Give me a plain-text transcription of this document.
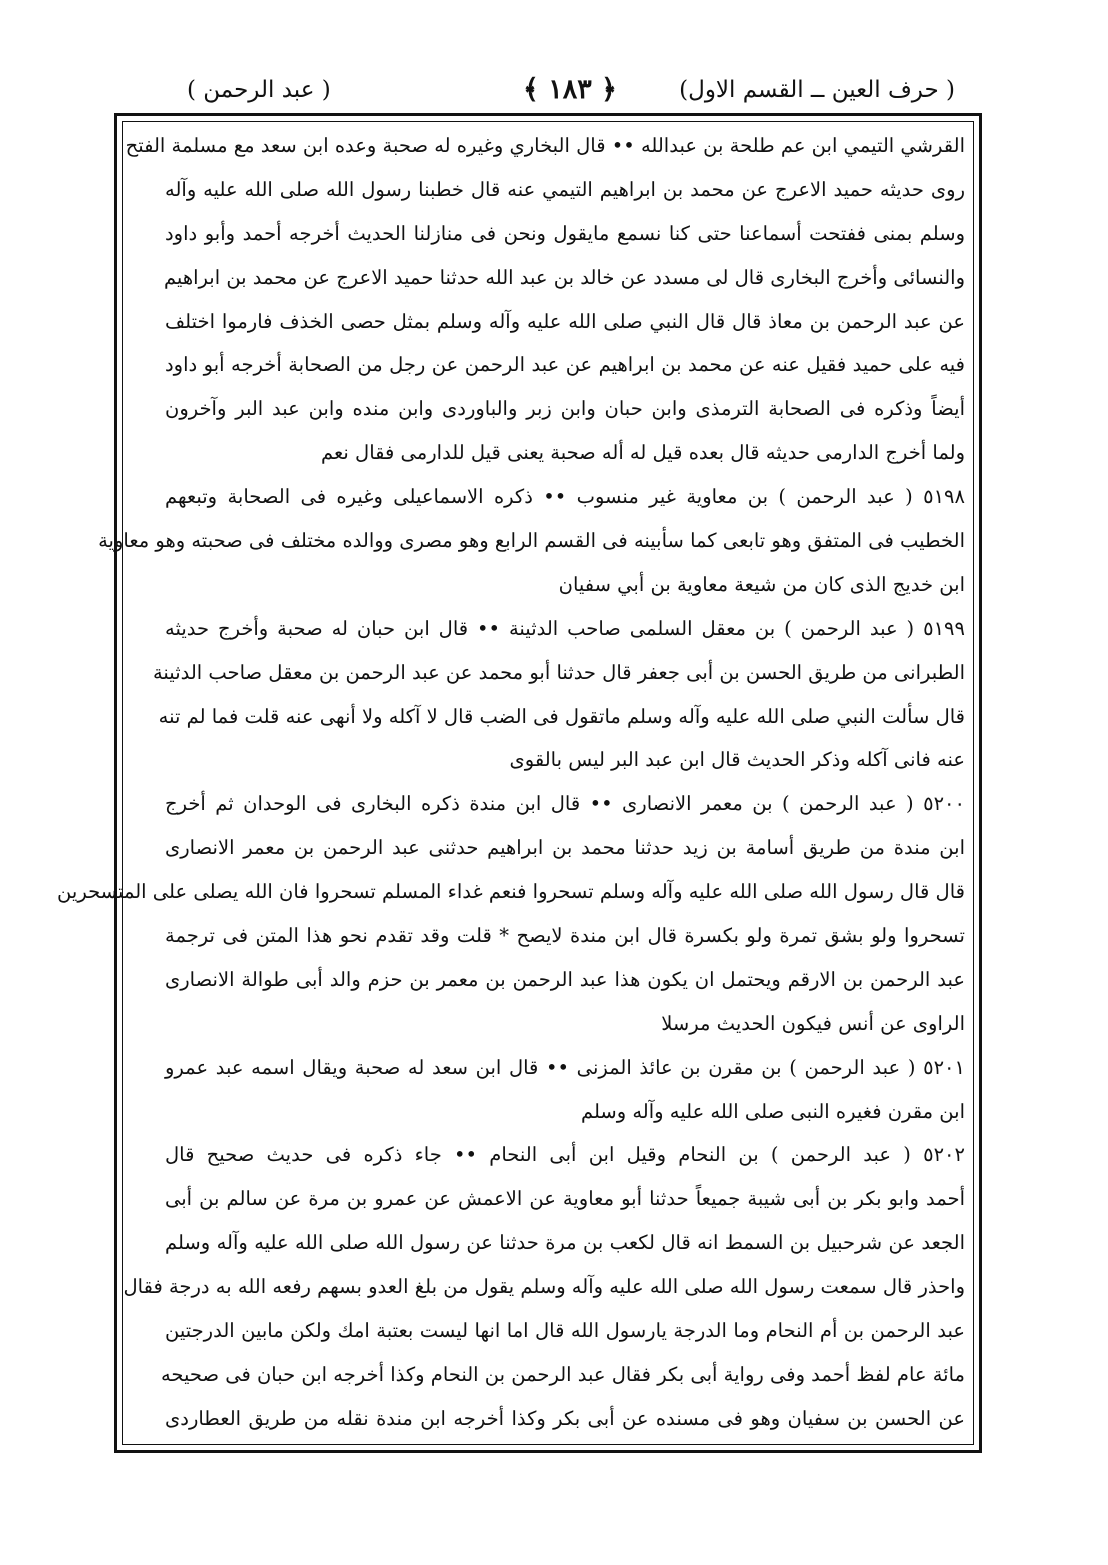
( حرف العين ــ القسم الاول)
﴿ ۱۸۳ ﴾
( عبد الرحمن )
القرشي التيمي ابن عم طلحة بن عبدالله •• قال البخاري وغيره له صحبة وعده ابن سعد مع مسلمة الفتح
روى حديثه حميد الاعرج عن محمد بن ابراهيم التيمي عنه قال خطبنا رسول الله صلى الله عليه وآله
وسلم بمنى ففتحت أسماعنا حتى كنا نسمع مايقول ونحن فى منازلنا الحديث أخرجه أحمد وأبو داود
والنسائى وأخرج البخارى قال لى مسدد عن خالد بن عبد الله حدثنا حميد الاعرج عن محمد بن ابراهيم
عن عبد الرحمن بن معاذ قال قال النبي صلى الله عليه وآله وسلم بمثل حصى الخذف فارموا اختلف
فيه على حميد فقيل عنه عن محمد بن ابراهيم عن عبد الرحمن عن رجل من الصحابة أخرجه أبو داود
أيضاً وذكره فى الصحابة الترمذى وابن حبان وابن زبر والباوردى وابن منده وابن عبد البر وآخرون
ولما أخرج الدارمى حديثه قال بعده قيل له أله صحبة يعنى قيل للدارمى فقال نعم
٥١٩٨ ( عبد الرحمن ) بن معاوية غير منسوب •• ذكره الاسماعيلى وغيره فى الصحابة وتبعهم
الخطيب فى المتفق وهو تابعى كما سأبينه فى القسم الرابع وهو مصرى ووالده مختلف فى صحبته وهو معاوية
ابن خديج الذى كان من شيعة معاوية بن أبي سفيان
٥١٩٩ ( عبد الرحمن ) بن معقل السلمى صاحب الدثينة •• قال ابن حبان له صحبة وأخرج حديثه
الطبرانى من طريق الحسن بن أبى جعفر قال حدثنا أبو محمد عن عبد الرحمن بن معقل صاحب الدثينة
قال سألت النبي صلى الله عليه وآله وسلم ماتقول فى الضب قال لا آكله ولا أنهى عنه قلت فما لم تنه
عنه فانى آكله وذكر الحديث قال ابن عبد البر ليس بالقوى
٥٢٠٠ ( عبد الرحمن ) بن معمر الانصارى •• قال ابن مندة ذكره البخارى فى الوحدان ثم أخرج
ابن مندة من طريق أسامة بن زيد حدثنا محمد بن ابراهيم حدثنى عبد الرحمن بن معمر الانصارى
قال قال رسول الله صلى الله عليه وآله وسلم تسحروا فنعم غداء المسلم تسحروا فان الله يصلى على المتسحرين
تسحروا ولو بشق تمرة ولو بكسرة قال ابن مندة لايصح * قلت وقد تقدم نحو هذا المتن فى ترجمة
عبد الرحمن بن الارقم ويحتمل ان يكون هذا عبد الرحمن بن معمر بن حزم والد أبى طوالة الانصارى
الراوى عن أنس فيكون الحديث مرسلا
٥٢٠١ ( عبد الرحمن ) بن مقرن بن عائذ المزنى •• قال ابن سعد له صحبة ويقال اسمه عبد عمرو
ابن مقرن فغيره النبى صلى الله عليه وآله وسلم
٥٢٠٢ ( عبد الرحمن ) بن النحام وقيل ابن أبى النحام •• جاء ذكره فى حديث صحيح قال
أحمد وابو بكر بن أبى شيبة جميعاً حدثنا أبو معاوية عن الاعمش عن عمرو بن مرة عن سالم بن أبى
الجعد عن شرحبيل بن السمط انه قال لكعب بن مرة حدثنا عن رسول الله صلى الله عليه وآله وسلم
واحذر قال سمعت رسول الله صلى الله عليه وآله وسلم يقول من بلغ العدو بسهم رفعه الله به درجة فقال
عبد الرحمن بن أم النحام وما الدرجة يارسول الله قال اما انها ليست بعتبة امك ولكن مابين الدرجتين
مائة عام لفظ أحمد وفى رواية أبى بكر فقال عبد الرحمن بن النحام وكذا أخرجه ابن حبان فى صحيحه
عن الحسن بن سفيان وهو فى مسنده عن أبى بكر وكذا أخرجه ابن مندة نقله من طريق العطاردى
